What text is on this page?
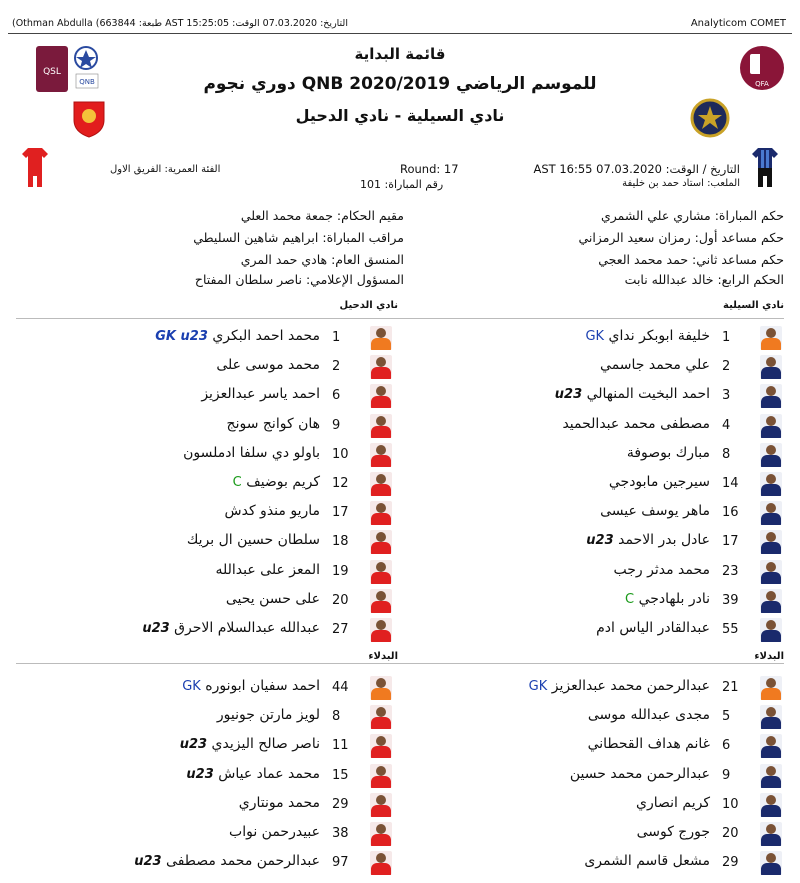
(Othman Abdulla (663844 :طبعة AST 15:25:05 :التاريخ: 07.03.2020 الوقت	Analyticom COMET
QSL
QNB	QFA
قائمة البداية
دوري نجوم QNB للموسم الرياضي 2020/2019
نادي السيلية - نادي الدحيل
التاريخ / الوقت: 07.03.2020 AST 16:55
الملعب: استاد حمد بن خليفة
Round: 17
رقم المباراة: 101
الفئة العمرية: الفريق الاول
حكم المباراة: مشاري علي الشمري
حكم مساعد أول: رمزان سعيد الرمزاني
حكم مساعد ثاني: حمد محمد العجي
الحكم الرابع: خالد عبدالله نابت
مقيم الحكام: جمعة محمد العلي
مراقب المباراة: ابراهيم شاهين السليطي
المنسق العام: هادي حمد المري
المسؤول الإعلامي: ناصر سلطان المفتاح
نادي السيلية
نادي الدحيل
البدلاء
البدلاء
1
خليفة ابوبكر نداي GK
2
علي محمد جاسمي
3
احمد البخيت المنهالي u23
4
مصطفى محمد عبدالحميد
8
مبارك بوصوفة
14
سيرجين مابودجي
16
ماهر يوسف عيسى
17
عادل بدر الاحمد u23
23
محمد مدثر رجب
39
نادر بلهادجي C
55
عبدالقادر الياس ادم
1
محمد احمد البكري GK u23
2
محمد موسى على
6
احمد ياسر عبدالعزيز
9
هان كوانج سونج
10
باولو دي سلفا ادملسون
12
كريم بوضيف C
17
ماريو منذو كدش
18
سلطان حسين ال بريك
19
المعز على عبدالله
20
على حسن يحيى
27
عبدالله عبدالسلام الاحرق u23
21
عبدالرحمن محمد عبدالعزيز GK
5
مجدى عبدالله موسى
6
غانم هداف القحطاني
9
عبدالرحمن محمد حسين
10
كريم انصاري
20
جورج كوسى
29
مشعل قاسم الشمرى
44
احمد سفيان ابونوره GK
8
لويز مارتن جونيور
11
ناصر صالح اليزيدي u23
15
محمد عماد عياش u23
29
محمد مونتاري
38
عبيدرحمن نواب
97
عبدالرحمن محمد مصطفى u23
